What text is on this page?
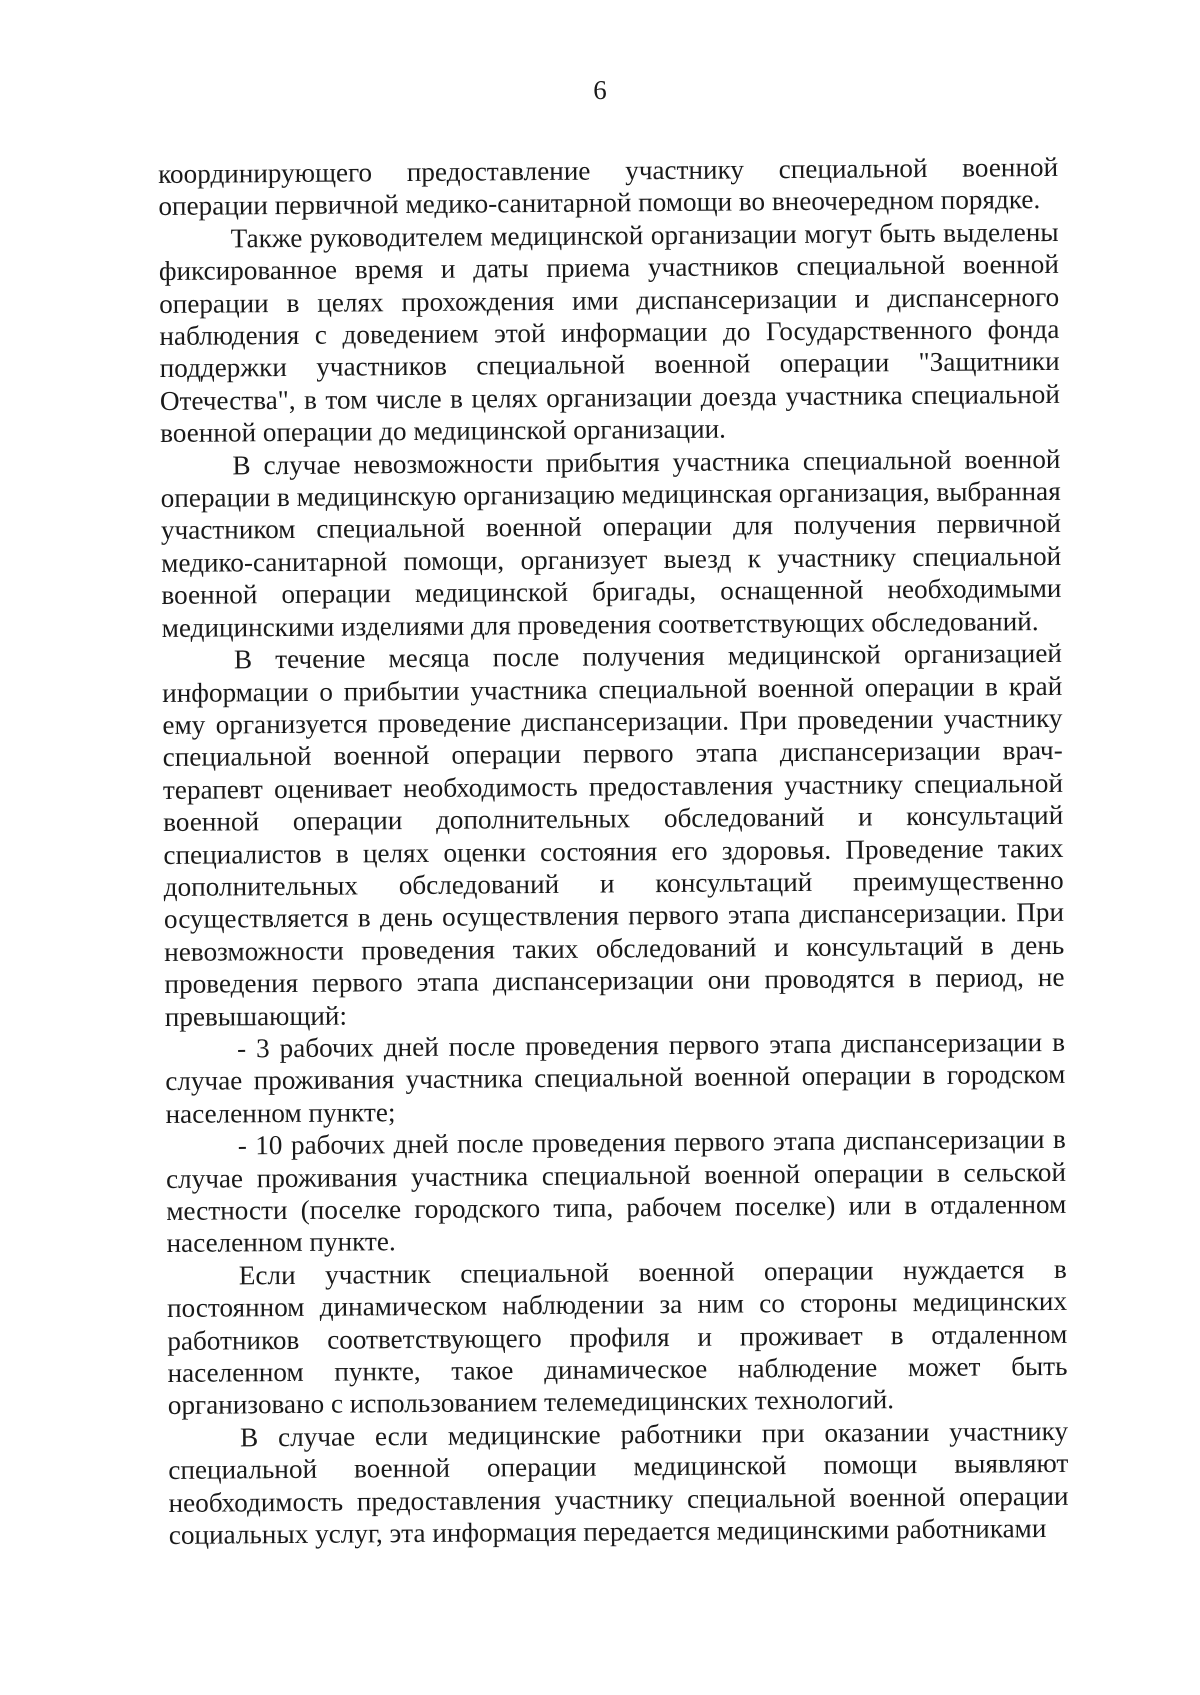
6

координирующего предоставление участнику специальной военной операции первичной медико-санитарной помощи во внеочередном порядке.

Также руководителем медицинской организации могут быть выделены фиксированное время и даты приема участников специальной военной операции в целях прохождения ими диспансеризации и диспансерного наблюдения с доведением этой информации до Государственного фонда поддержки участников специальной военной операции "Защитники Отечества", в том числе в целях организации доезда участника специальной военной операции до медицинской организации.

В случае невозможности прибытия участника специальной военной операции в медицинскую организацию медицинская организация, выбранная участником специальной военной операции для получения первичной медико-санитарной помощи, организует выезд к участнику специальной военной операции медицинской бригады, оснащенной необходимыми медицинскими изделиями для проведения соответствующих обследований.

В течение месяца после получения медицинской организацией информации о прибытии участника специальной военной операции в край ему организуется проведение диспансеризации. При проведении участнику специальной военной операции первого этапа диспансеризации врач-терапевт оценивает необходимость предоставления участнику специальной военной операции дополнительных обследований и консультаций специалистов в целях оценки состояния его здоровья. Проведение таких дополнительных обследований и консультаций преимущественно осуществляется в день осуществления первого этапа диспансеризации. При невозможности проведения таких обследований и консультаций в день проведения первого этапа диспансеризации они проводятся в период, не превышающий:

- 3 рабочих дней после проведения первого этапа диспансеризации в случае проживания участника специальной военной операции в городском населенном пункте;

- 10 рабочих дней после проведения первого этапа диспансеризации в случае проживания участника специальной военной операции в сельской местности (поселке городского типа, рабочем поселке) или в отдаленном населенном пункте.

Если участник специальной военной операции нуждается в постоянном динамическом наблюдении за ним со стороны медицинских работников соответствующего профиля и проживает в отдаленном населенном пункте, такое динамическое наблюдение может быть организовано с использованием телемедицинских технологий.

В случае если медицинские работники при оказании участнику специальной военной операции медицинской помощи выявляют необходимость предоставления участнику специальной военной операции социальных услуг, эта информация передается медицинскими работниками
